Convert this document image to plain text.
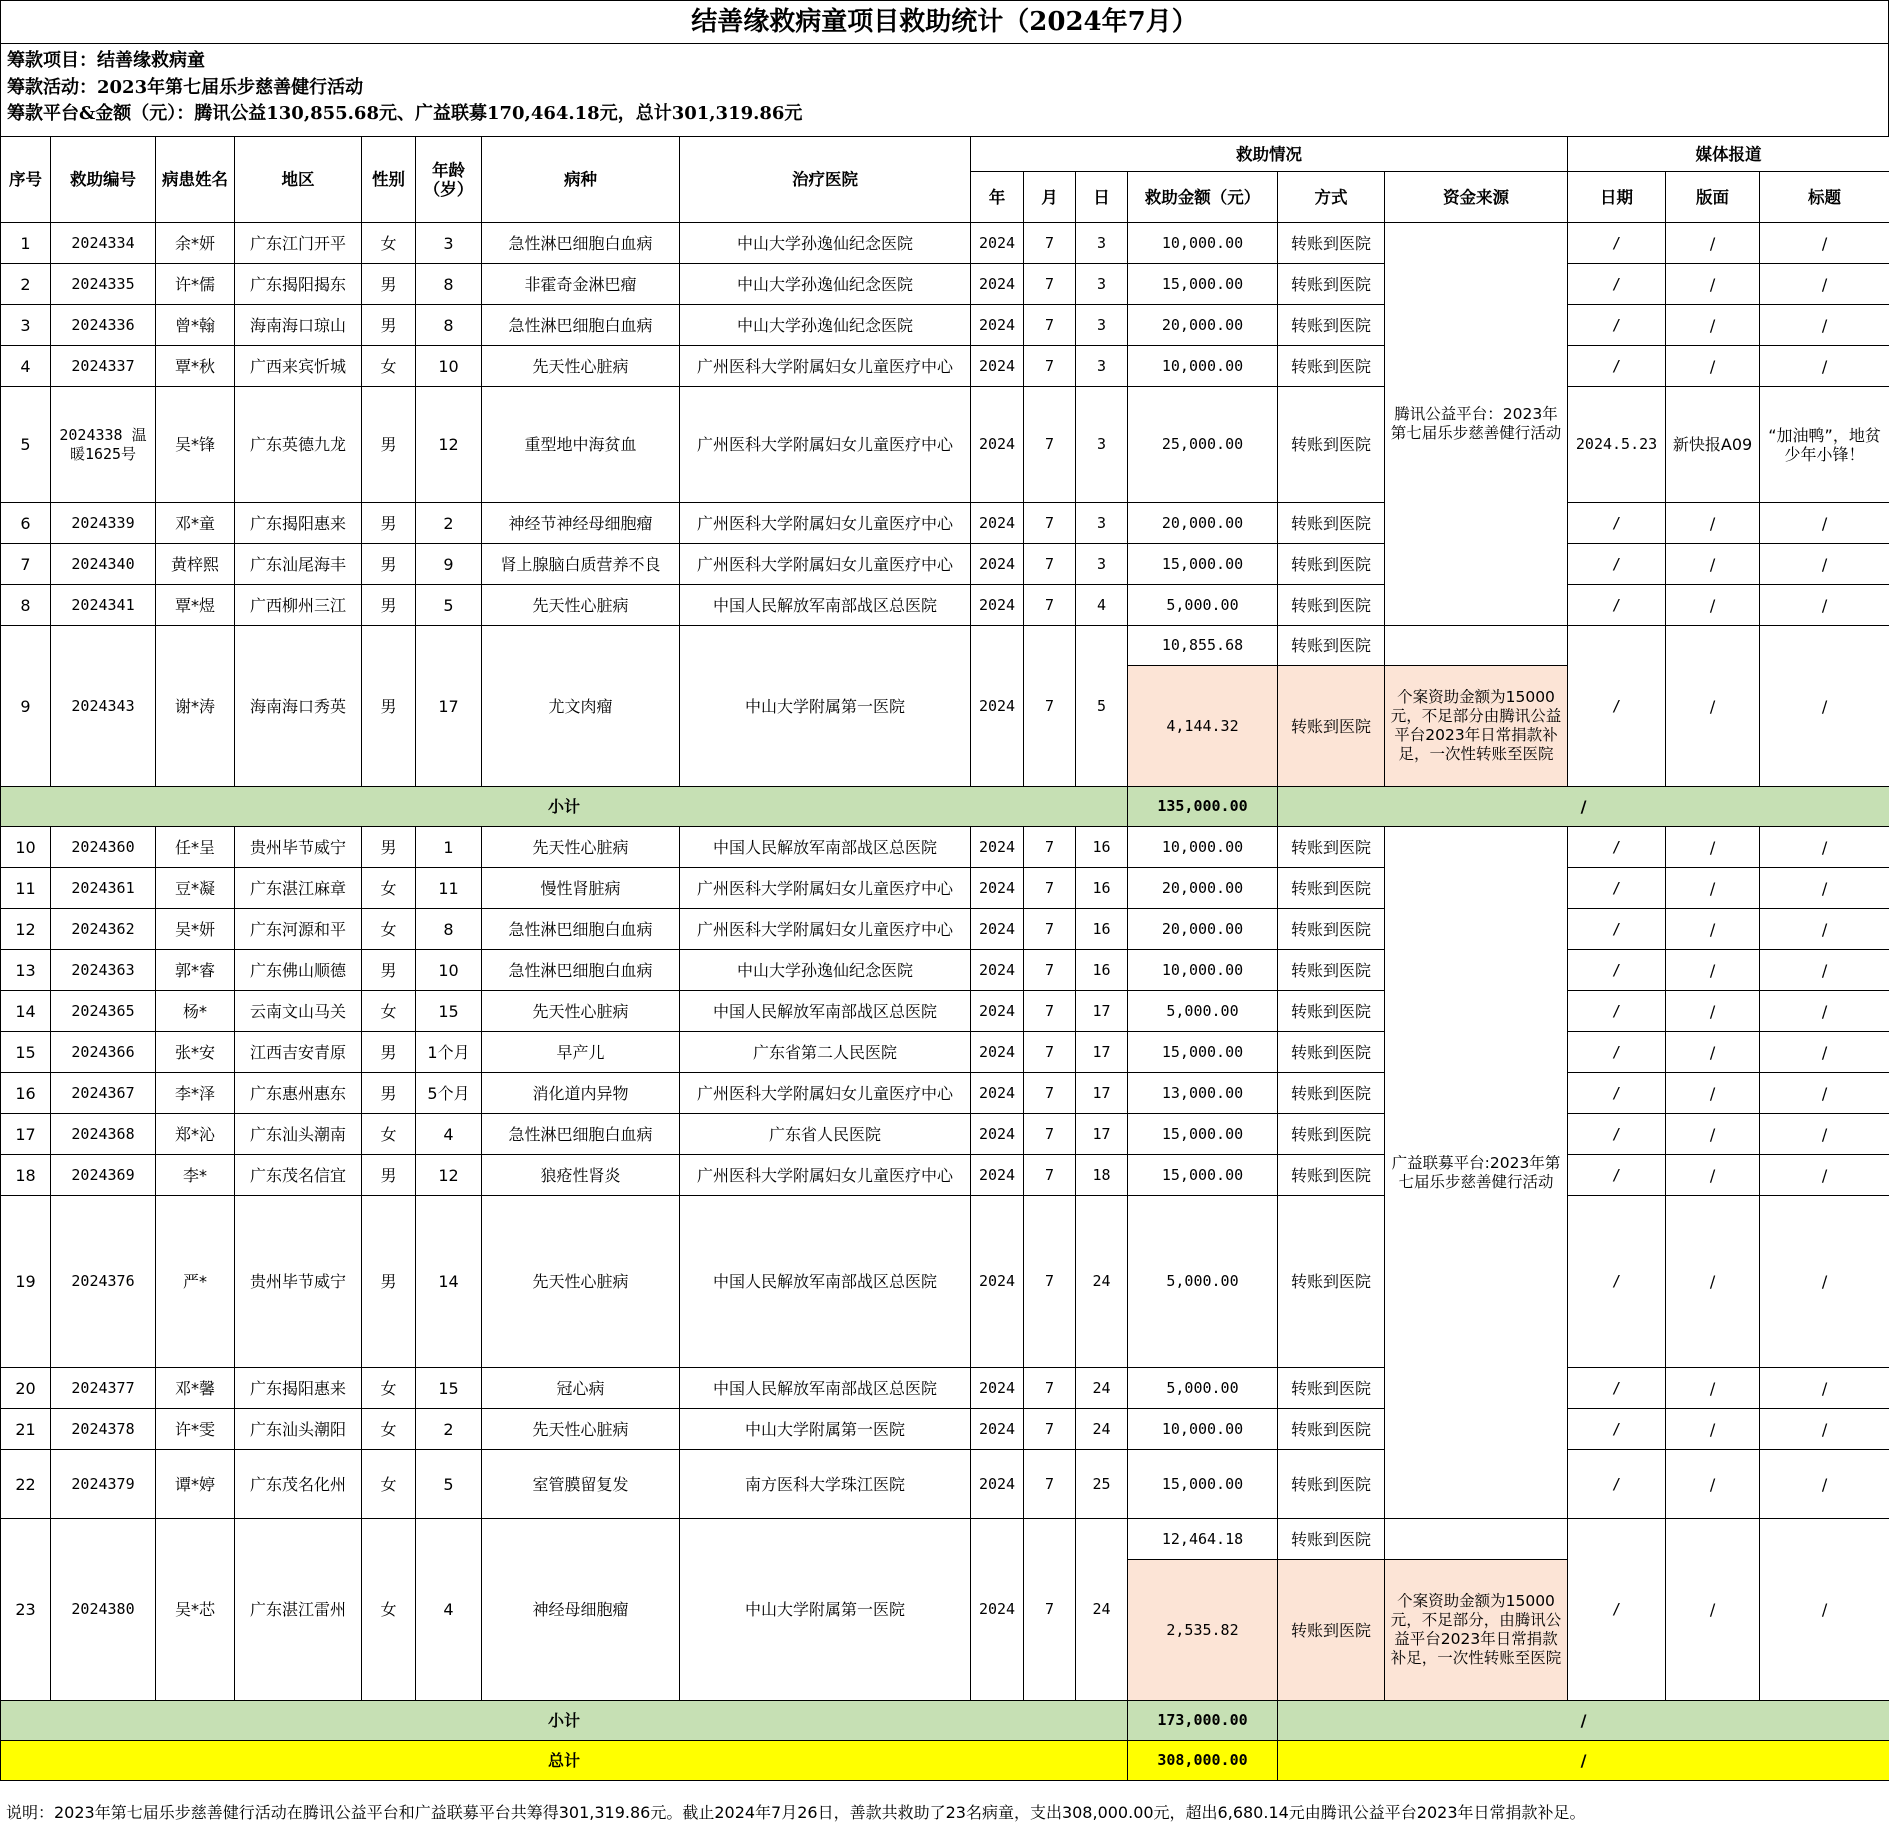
结善缘救病童项目救助统计（2024年7月）
筹款项目：结善缘救病童
筹款活动：2023年第七届乐步慈善健行活动
筹款平台&金额（元）：腾讯公益130,855.68元、广益联募170,464.18元，总计301,319.86元
序号	救助编号	病患姓名	地区	性别	年龄（岁）	病种	治疗医院	救助情况						媒体报道		
								年	月	日	救助金额（元）	方式	资金来源	日期	版面	标题
1	2024334	余*妍	广东江门开平	女	3	急性淋巴细胞白血病	中山大学孙逸仙纪念医院	2024	7	3	10,000.00	转账到医院	腾讯公益平台：2023年第七届乐步慈善健行活动	/	/	/
2	2024335	许*儒	广东揭阳揭东	男	8	非霍奇金淋巴瘤	中山大学孙逸仙纪念医院	2024	7	3	15,000.00	转账到医院		/	/	/
3	2024336	曾*翰	海南海口琼山	男	8	急性淋巴细胞白血病	中山大学孙逸仙纪念医院	2024	7	3	20,000.00	转账到医院		/	/	/
4	2024337	覃*秋	广西来宾忻城	女	10	先天性心脏病	广州医科大学附属妇女儿童医疗中心	2024	7	3	10,000.00	转账到医院		/	/	/
5	2024338 温暖1625号	吴*锋	广东英德九龙	男	12	重型地中海贫血	广州医科大学附属妇女儿童医疗中心	2024	7	3	25,000.00	转账到医院		2024.5.23	新快报A09	“加油鸭”，地贫少年小锋！
6	2024339	邓*童	广东揭阳惠来	男	2	神经节神经母细胞瘤	广州医科大学附属妇女儿童医疗中心	2024	7	3	20,000.00	转账到医院		/	/	/
7	2024340	黄梓熙	广东汕尾海丰	男	9	肾上腺脑白质营养不良	广州医科大学附属妇女儿童医疗中心	2024	7	3	15,000.00	转账到医院		/	/	/
8	2024341	覃*煜	广西柳州三江	男	5	先天性心脏病	中国人民解放军南部战区总医院	2024	7	4	5,000.00	转账到医院		/	/	/
9	2024343	谢*涛	海南海口秀英	男	17	尤文肉瘤	中山大学附属第一医院	2024	7	5	10,855.68	转账到医院		/	/	/
											4,144.32	转账到医院	个案资助金额为15000元，不足部分由腾讯公益平台2023年日常捐款补足，一次性转账至医院			
小计											135,000.00	/				
10	2024360	任*呈	贵州毕节威宁	男	1	先天性心脏病	中国人民解放军南部战区总医院	2024	7	16	10,000.00	转账到医院	广益联募平台:2023年第七届乐步慈善健行活动	/	/	/
11	2024361	豆*凝	广东湛江麻章	女	11	慢性肾脏病	广州医科大学附属妇女儿童医疗中心	2024	7	16	20,000.00	转账到医院		/	/	/
12	2024362	吴*妍	广东河源和平	女	8	急性淋巴细胞白血病	广州医科大学附属妇女儿童医疗中心	2024	7	16	20,000.00	转账到医院		/	/	/
13	2024363	郭*睿	广东佛山顺德	男	10	急性淋巴细胞白血病	中山大学孙逸仙纪念医院	2024	7	16	10,000.00	转账到医院		/	/	/
14	2024365	杨*	云南文山马关	女	15	先天性心脏病	中国人民解放军南部战区总医院	2024	7	17	5,000.00	转账到医院		/	/	/
15	2024366	张*安	江西吉安青原	男	1个月	早产儿	广东省第二人民医院	2024	7	17	15,000.00	转账到医院		/	/	/
16	2024367	李*泽	广东惠州惠东	男	5个月	消化道内异物	广州医科大学附属妇女儿童医疗中心	2024	7	17	13,000.00	转账到医院		/	/	/
17	2024368	郑*沁	广东汕头潮南	女	4	急性淋巴细胞白血病	广东省人民医院	2024	7	17	15,000.00	转账到医院		/	/	/
18	2024369	李*	广东茂名信宜	男	12	狼疮性肾炎	广州医科大学附属妇女儿童医疗中心	2024	7	18	15,000.00	转账到医院		/	/	/
19	2024376	严*	贵州毕节威宁	男	14	先天性心脏病	中国人民解放军南部战区总医院	2024	7	24	5,000.00	转账到医院		/	/	/
20	2024377	邓*馨	广东揭阳惠来	女	15	冠心病	中国人民解放军南部战区总医院	2024	7	24	5,000.00	转账到医院		/	/	/
21	2024378	许*雯	广东汕头潮阳	女	2	先天性心脏病	中山大学附属第一医院	2024	7	24	10,000.00	转账到医院		/	/	/
22	2024379	谭*婷	广东茂名化州	女	5	室管膜留复发	南方医科大学珠江医院	2024	7	25	15,000.00	转账到医院		/	/	/
23	2024380	吴*芯	广东湛江雷州	女	4	神经母细胞瘤	中山大学附属第一医院	2024	7	24	12,464.18	转账到医院		/	/	/
											2,535.82	转账到医院	个案资助金额为15000元，不足部分，由腾讯公益平台2023年日常捐款补足，一次性转账至医院			
小计											173,000.00	/				
总计											308,000.00	/				
说明：2023年第七届乐步慈善健行活动在腾讯公益平台和广益联募平台共筹得301,319.86元。截止2024年7月26日，善款共救助了23名病童，支出308,000.00元，超出6,680.14元由腾讯公益平台2023年日常捐款补足。
